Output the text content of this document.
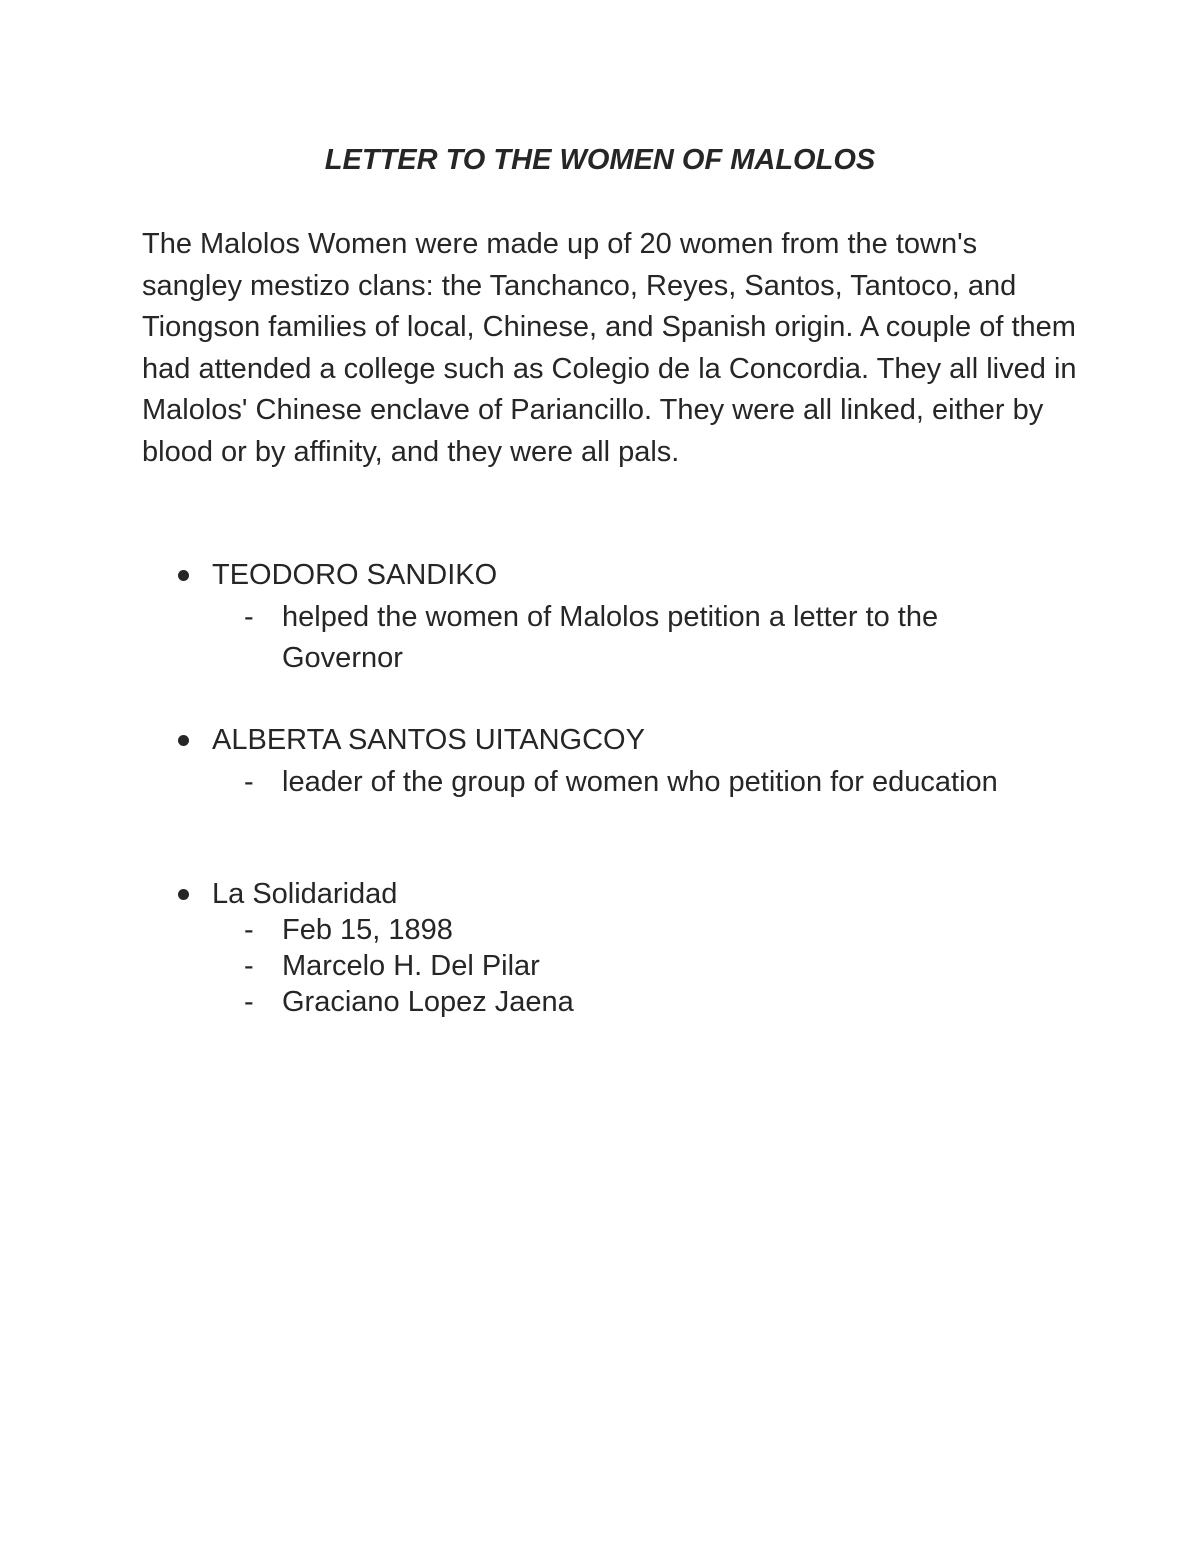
LETTER TO THE WOMEN OF MALOLOS

The Malolos Women were made up of 20 women from the town's sangley mestizo clans: the Tanchanco, Reyes, Santos, Tantoco, and Tiongson families of local, Chinese, and Spanish origin. A couple of them had attended a college such as Colegio de la Concordia. They all lived in Malolos' Chinese enclave of Pariancillo. They were all linked, either by blood or by affinity, and they were all pals.

TEODORO SANDIKO
- helped the women of Malolos petition a letter to the Governor
ALBERTA SANTOS UITANGCOY
- leader of the group of women who petition for education
La Solidaridad
- Feb 15, 1898
- Marcelo H. Del Pilar
- Graciano Lopez Jaena
